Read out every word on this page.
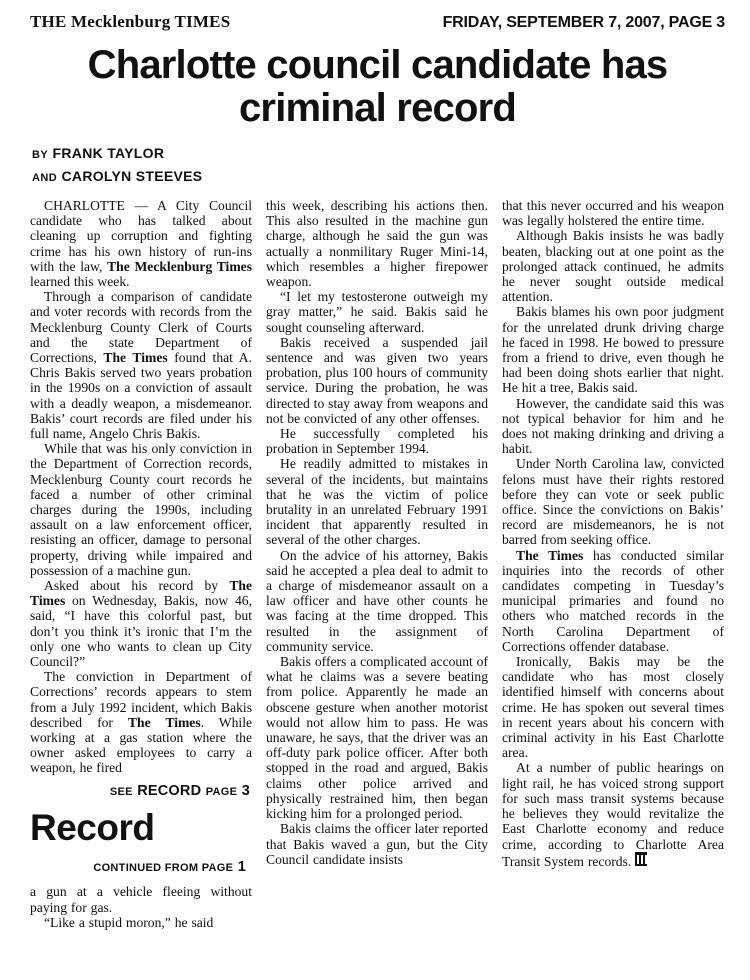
THE Mecklenburg TIMES	FRIDAY, SEPTEMBER 7, 2007, PAGE 3
Charlotte council candidate has criminal record
BY FRANK TAYLOR
AND CAROLYN STEEVES

CHARLOTTE — A City Council candidate who has talked about cleaning up corruption and fighting crime has his own history of run-ins with the law, The Mecklenburg Times learned this week.

Through a comparison of candidate and voter records with records from the Mecklenburg County Clerk of Courts and the state Department of Corrections, The Times found that A. Chris Bakis served two years probation in the 1990s on a conviction of assault with a deadly weapon, a misdemeanor. Bakis’ court records are filed under his full name, Angelo Chris Bakis.

While that was his only conviction in the Department of Correction records, Mecklenburg County court records he faced a number of other criminal charges during the 1990s, including assault on a law enforcement officer, resisting an officer, damage to personal property, driving while impaired and possession of a machine gun.

Asked about his record by The Times on Wednesday, Bakis, now 46, said, “I have this colorful past, but don’t you think it’s ironic that I’m the only one who wants to clean up City Council?”

The conviction in Department of Corrections’ records appears to stem from a July 1992 incident, which Bakis described for The Times. While working at a gas station where the owner asked employees to carry a weapon, he fired

SEE RECORD PAGE 3
Record
CONTINUED FROM PAGE 1

a gun at a vehicle fleeing without paying for gas.

“Like a stupid moron,” he said

this week, describing his actions then. This also resulted in the machine gun charge, although he said the gun was actually a nonmilitary Ruger Mini-14, which resembles a higher firepower weapon.

“I let my testosterone outweigh my gray matter,” he said. Bakis said he sought counseling afterward.

Bakis received a suspended jail sentence and was given two years probation, plus 100 hours of community service. During the probation, he was directed to stay away from weapons and not be convicted of any other offenses.

He successfully completed his probation in September 1994.

He readily admitted to mistakes in several of the incidents, but maintains that he was the victim of police brutality in an unrelated February 1991 incident that apparently resulted in several of the other charges.

On the advice of his attorney, Bakis said he accepted a plea deal to admit to a charge of misdemeanor assault on a law officer and have other counts he was facing at the time dropped. This resulted in the assignment of community service.

Bakis offers a complicated account of what he claims was a severe beating from police. Apparently he made an obscene gesture when another motorist would not allow him to pass. He was unaware, he says, that the driver was an off-duty park police officer. After both stopped in the road and argued, Bakis claims other police arrived and physically restrained him, then began kicking him for a prolonged period.

Bakis claims the officer later reported that Bakis waved a gun, but the City Council candidate insists

that this never occurred and his weapon was legally holstered the entire time.

Although Bakis insists he was badly beaten, blacking out at one point as the prolonged attack continued, he admits he never sought outside medical attention.

Bakis blames his own poor judgment for the unrelated drunk driving charge he faced in 1998. He bowed to pressure from a friend to drive, even though he had been doing shots earlier that night. He hit a tree, Bakis said.

However, the candidate said this was not typical behavior for him and he does not making drinking and driving a habit.

Under North Carolina law, convicted felons must have their rights restored before they can vote or seek public office. Since the convictions on Bakis’ record are misdemeanors, he is not barred from seeking office.

The Times has conducted similar inquiries into the records of other candidates competing in Tuesday’s municipal primaries and found no others who matched records in the North Carolina Department of Corrections offender database.

Ironically, Bakis may be the candidate who has most closely identified himself with concerns about crime. He has spoken out several times in recent years about his concern with criminal activity in his East Charlotte area.

At a number of public hearings on light rail, he has voiced strong support for such mass transit systems because he believes they would revitalize the East Charlotte economy and reduce crime, according to Charlotte Area Transit System records.
